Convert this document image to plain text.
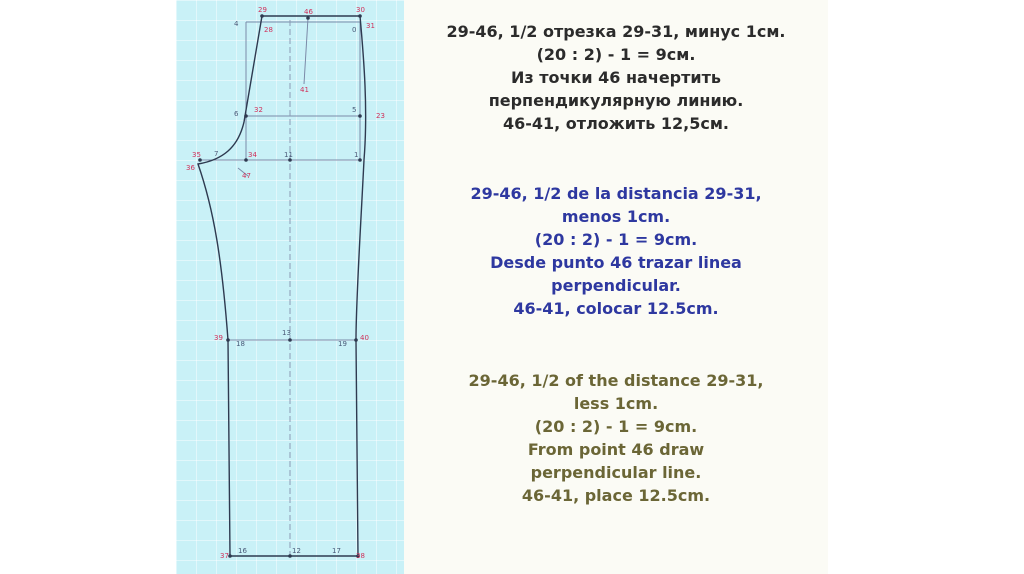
29	46	30
4
28	0 31
41
6 32	5
23
35 7	34	11	1
36
47
39
18
13
19
40
37
16	12	17
38
29-46, 1/2 отрезка 29-31, минус 1см.
(20 : 2) - 1 = 9см.
Из точки 46 начертить
перпендикулярную линию.
46-41, отложить 12,5см.
29-46, 1/2 de la distancia 29-31,
menos 1cm.
(20 : 2) - 1 = 9cm.
Desde punto 46 trazar linea
perpendicular.
46-41, colocar 12.5cm.
29-46, 1/2 of the distance 29-31,
less 1cm.
(20 : 2) - 1 = 9cm.
From point 46 draw
perpendicular line.
46-41, place 12.5cm.
